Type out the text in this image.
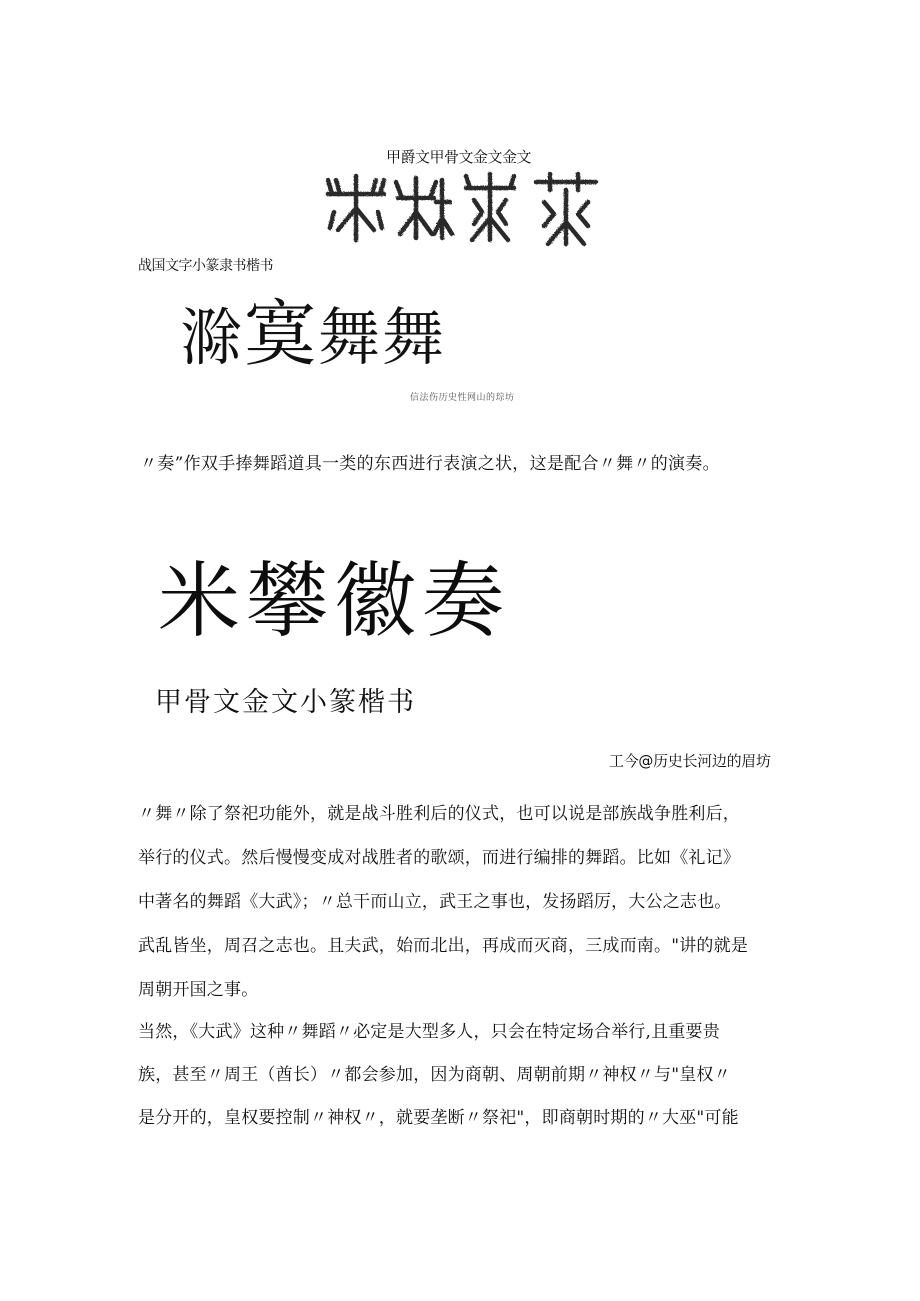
甲爵文甲骨文金文金文
战国文字小篆隶书楷书
滁寞舞舞
信法伤历史性网山的琮坊
〃奏”作双手捧舞蹈道具一类的东西进行表演之状，这是配合〃舞〃的演奏。
米攀徽奏
甲骨文金文小篆楷书
工今@历史长河边的眉坊
〃舞〃除了祭祀功能外，就是战斗胜利后的仪式，也可以说是部族战争胜利后，
举行的仪式。然后慢慢变成对战胜者的歌颂，而进行编排的舞蹈。比如《礼记》
中著名的舞蹈《大武》；〃总干而山立，武王之事也，发扬蹈厉，大公之志也。
武乱皆坐，周召之志也。且夫武，始而北出，再成而灭商，三成而南。"讲的就是
周朝开国之事。
当然，《大武》这种〃舞蹈〃必定是大型多人，只会在特定场合举行,且重要贵
族，甚至〃周王（酋长）〃都会参加，因为商朝、周朝前期〃神权〃与"皇权〃
是分开的，皇权要控制〃神权〃，就要垄断〃祭祀"，即商朝时期的〃大巫"可能
